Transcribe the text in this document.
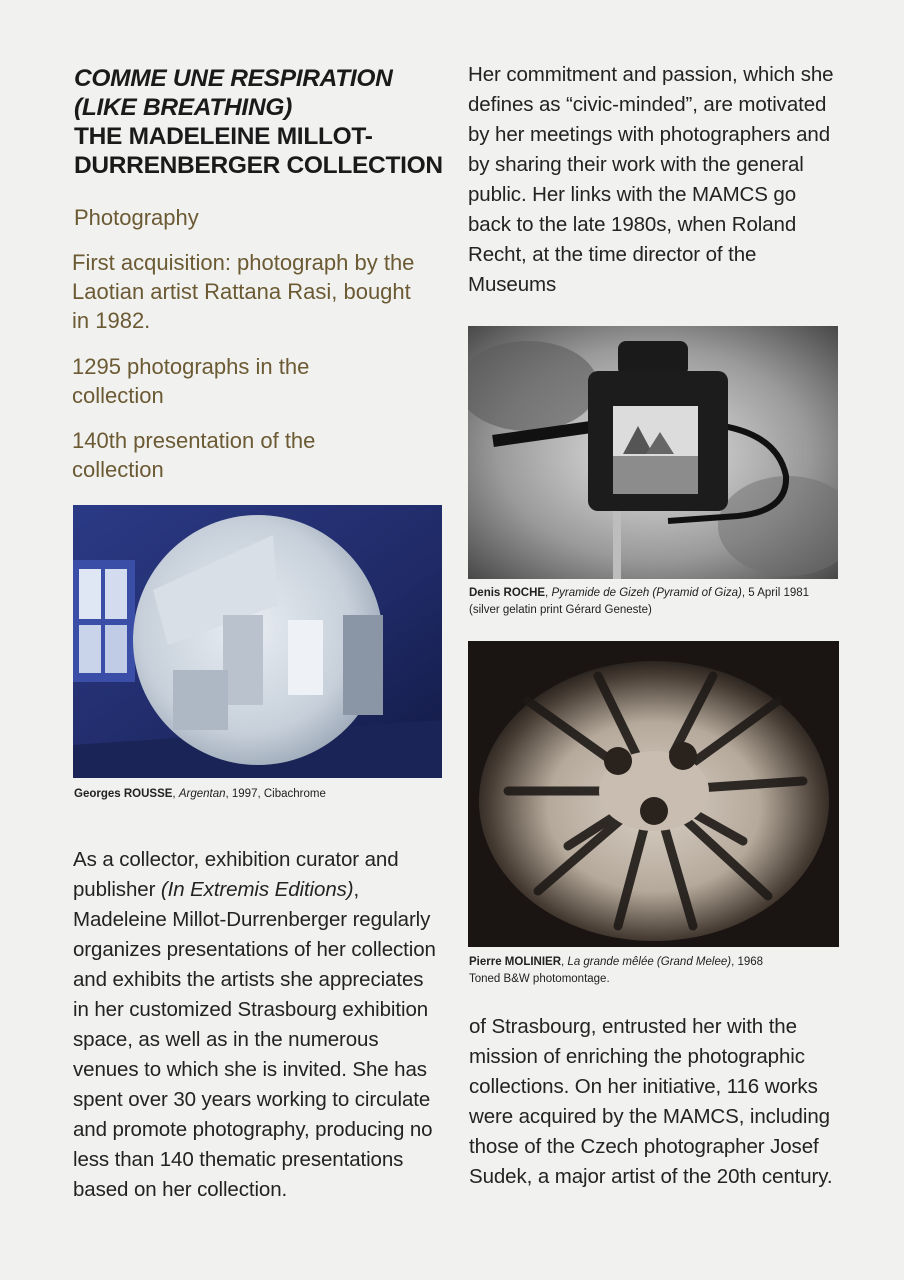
COMME UNE RESPIRATION
(LIKE BREATHING)
THE MADELEINE MILLOT-
DURRENBERGER COLLECTION
Photography
First acquisition: photograph by the Laotian artist Rattana Rasi, bought in 1982.
1295 photographs in the collection
140th presentation of the collection
Georges ROUSSE, Argentan, 1997, Cibachrome
As a collector, exhibition curator and publisher (In Extremis Editions), Madeleine Millot-Durrenberger regularly organizes presentations of her collection and exhibits the artists she appreciates in her customized Strasbourg exhibition space, as well as in the numerous venues to which she is invited. She has spent over 30 years working to circulate and promote photography, producing no less than 140 thematic presentations based on her collection.
Her commitment and passion, which she defines as “civic-minded”, are motivated by her meetings with photographers and by sharing their work with the general public. Her links with the MAMCS go back to the late 1980s, when Roland Recht, at the time director of the Museums
Denis ROCHE, Pyramide de Gizeh (Pyramid of Giza), 5 April 1981
(silver gelatin print Gérard Geneste)
Pierre MOLINIER, La grande mêlée (Grand Melee), 1968
Toned B&W photomontage.
of Strasbourg, entrusted her with the mission of enriching the photographic collections. On her initiative, 116 works were acquired by the MAMCS, including those of the Czech photographer Josef Sudek, a major artist of the 20th century.
